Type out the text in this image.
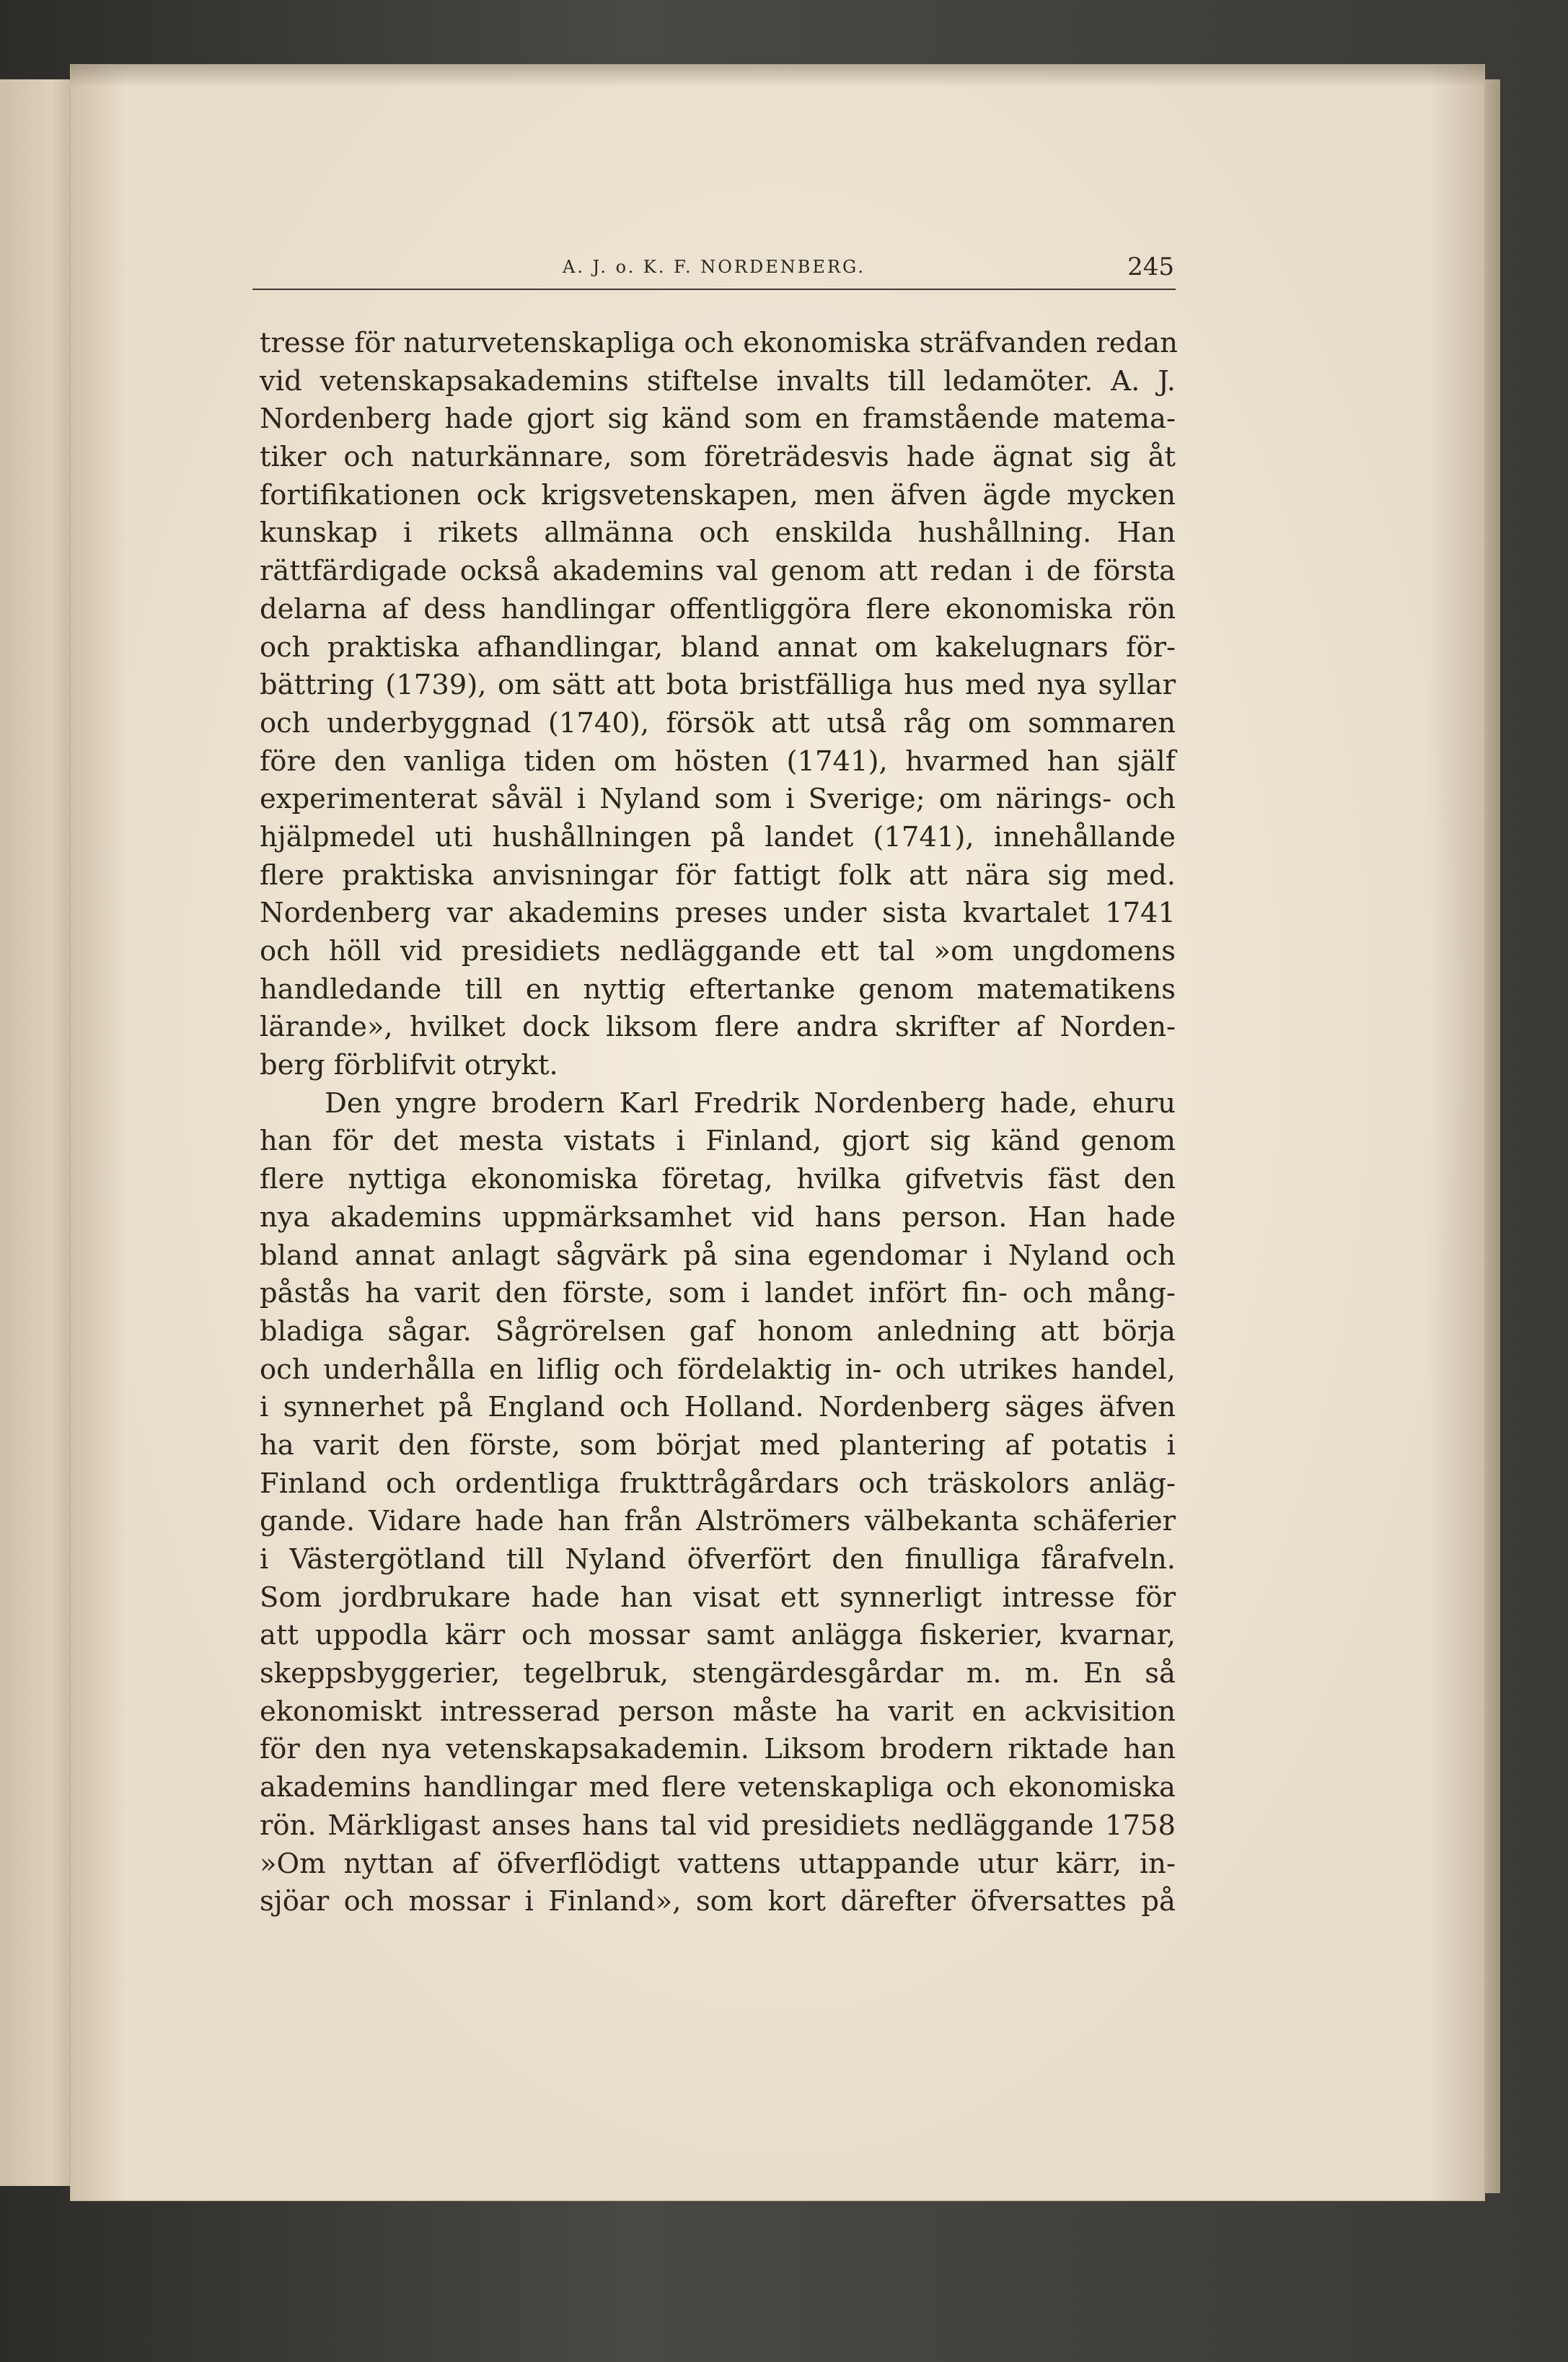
A. J. o. K. F. NORDENBERG.	245
tresse för naturvetenskapliga och ekonomiska sträfvanden redan
vid vetenskapsakademins stiftelse invalts till ledamöter. A. J.
Nordenberg hade gjort sig känd som en framstående matema-
tiker och naturkännare, som företrädesvis hade ägnat sig åt
fortifikationen ock krigsvetenskapen, men äfven ägde mycken
kunskap i rikets allmänna och enskilda hushållning. Han
rättfärdigade också akademins val genom att redan i de första
delarna af dess handlingar offentliggöra flere ekonomiska rön
och praktiska afhandlingar, bland annat om kakelugnars för-
bättring (1739), om sätt att bota bristfälliga hus med nya syllar
och underbyggnad (1740), försök att utså råg om sommaren
före den vanliga tiden om hösten (1741), hvarmed han själf
experimenterat såväl i Nyland som i Sverige; om närings- och
hjälpmedel uti hushållningen på landet (1741), innehållande
flere praktiska anvisningar för fattigt folk att nära sig med.
Nordenberg var akademins preses under sista kvartalet 1741
och höll vid presidiets nedläggande ett tal »om ungdomens
handledande till en nyttig eftertanke genom matematikens
lärande», hvilket dock liksom flere andra skrifter af Norden-
berg förblifvit otrykt.
Den yngre brodern Karl Fredrik Nordenberg hade, ehuru
han för det mesta vistats i Finland, gjort sig känd genom
flere nyttiga ekonomiska företag, hvilka gifvetvis fäst den
nya akademins uppmärksamhet vid hans person. Han hade
bland annat anlagt sågvärk på sina egendomar i Nyland och
påstås ha varit den förste, som i landet infört fin- och mång-
bladiga sågar. Sågrörelsen gaf honom anledning att börja
och underhålla en liflig och fördelaktig in- och utrikes handel,
i synnerhet på England och Holland. Nordenberg säges äfven
ha varit den förste, som börjat med plantering af potatis i
Finland och ordentliga frukttrågårdars och träskolors anläg-
gande. Vidare hade han från Alströmers välbekanta schäferier
i Västergötland till Nyland öfverfört den finulliga fårafveln.
Som jordbrukare hade han visat ett synnerligt intresse för
att uppodla kärr och mossar samt anlägga fiskerier, kvarnar,
skeppsbyggerier, tegelbruk, stengärdesgårdar m. m. En så
ekonomiskt intresserad person måste ha varit en ackvisition
för den nya vetenskapsakademin. Liksom brodern riktade han
akademins handlingar med flere vetenskapliga och ekonomiska
rön. Märkligast anses hans tal vid presidiets nedläggande 1758
»Om nyttan af öfverflödigt vattens uttappande utur kärr, in-
sjöar och mossar i Finland», som kort därefter öfversattes på
